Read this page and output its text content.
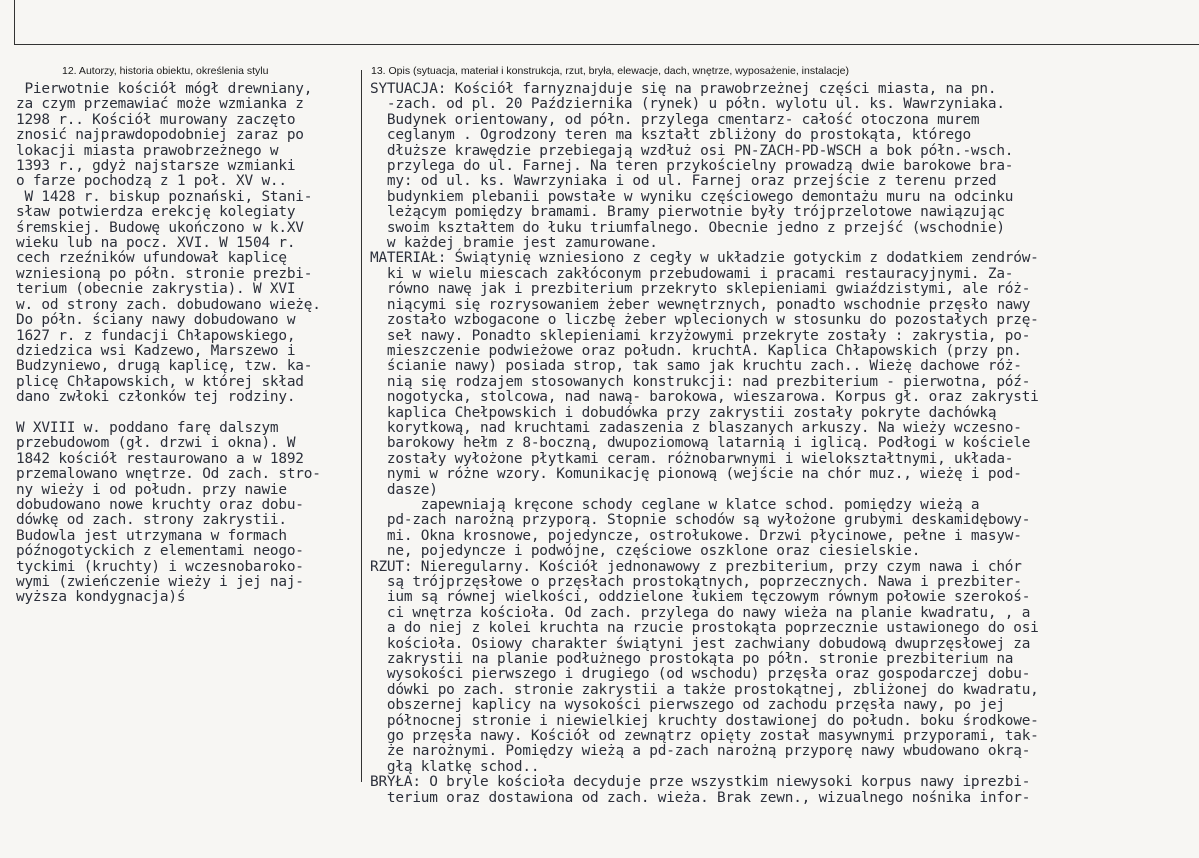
12. Autorzy, historia obiektu, określenia stylu	13. Opis (sytuacja, materiał i konstrukcja, rzut, bryła, elewacje, dach, wnętrze, wyposażenie, instalacje)
Pierwotnie kościół mógł drewniany,
za czym przemawiać może wzmianka z
1298 r.. Kościół murowany zaczęto
znosić najprawdopodobniej zaraz po
lokacji miasta prawobrzeżnego w
1393 r., gdyż najstarsze wzmianki
o farze pochodzą z 1 poł. XV w..
W 1428 r. biskup poznański, Stani-
sław potwierdza erekcję kolegiaty
śremskiej. Budowę ukończono w k.XV
wieku lub na pocz. XVI. W 1504 r.
cech rzeźników ufundował kaplicę
wzniesioną po półn. stronie prezbi-
terium (obecnie zakrystia). W XVI
w. od strony zach. dobudowano wieżę.
Do półn. ściany nawy dobudowano w
1627 r. z fundacji Chłapowskiego,
dziedzica wsi Kadzewo, Marszewo i
Budzyniewo, drugą kaplicę, tzw. ka-
plicę Chłapowskich, w której skład
dano zwłoki członków tej rodziny.

W XVIII w. poddano farę dalszym
przebudowom (gł. drzwi i okna). W
1842 kościół restaurowano a w 1892
przemalowano wnętrze. Od zach. stro-
ny wieży i od połudn. przy nawie
dobudowano nowe kruchty oraz dobu-
dówkę od zach. strony zakrystii.
Budowla jest utrzymana w formach
późnogotyckich z elementami neogo-
tyckimi (kruchty) i wczesnobaroko-
wymi (zwieńczenie wieży i jej naj-
wyższa kondygnacja)ś
SYTUACJA: Kościół farnyznajduje się na prawobrzeżnej części miasta, na pn.
-zach. od pl. 20 Października (rynek) u półn. wylotu ul. ks. Wawrzyniaka.
Budynek orientowany, od półn. przylega cmentarz- całość otoczona murem
ceglanym . Ogrodzony teren ma kształt zbliżony do prostokąta, którego
dłuższe krawędzie przebiegają wzdłuż osi PN-ZACH-PD-WSCH a bok półn.-wsch.
przylega do ul. Farnej. Na teren przykościelny prowadzą dwie barokowe bra-
my: od ul. ks. Wawrzyniaka i od ul. Farnej oraz przejście z terenu przed
budynkiem plebanii powstałe w wyniku częściowego demontażu muru na odcinku
leżącym pomiędzy bramami. Bramy pierwotnie były trójprzelotowe nawiązując
swoim kształtem do łuku triumfalnego. Obecnie jedno z przejść (wschodnie)
w każdej bramie jest zamurowane.
MATERIAŁ: Świątynię wzniesiono z cegły w układzie gotyckim z dodatkiem zendrów-
ki w wielu miescach zakłóconym przebudowami i pracami restauracyjnymi. Za-
równo nawę jak i prezbiterium przekryto sklepieniami gwiaździstymi, ale róż-
niącymi się rozrysowaniem żeber wewnętrznych, ponadto wschodnie przęsło nawy
zostało wzbogacone o liczbę żeber wplecionych w stosunku do pozostałych przę-
seł nawy. Ponadto sklepieniami krzyżowymi przekryte zostały : zakrystia, po-
mieszczenie podwieżowe oraz połudn. kruchtA. Kaplica Chłapowskich (przy pn.
ścianie nawy) posiada strop, tak samo jak kruchtu zach.. Wieżę dachowe róż-
nią się rodzajem stosowanych konstrukcji: nad prezbiterium - pierwotna, póź-
nogotycka, stolcowa, nad nawą- barokowa, wieszarowa. Korpus gł. oraz zakrysti
kaplica Chełpowskich i dobudówka przy zakrystii zostały pokryte dachówką
korytkową, nad kruchtami zadaszenia z blaszanych arkuszy. Na wieży wczesno-
barokowy hełm z 8-boczną, dwupoziomową latarnią i iglicą. Podłogi w kościele
zostały wyłożone płytkami ceram. różnobarwnymi i wielokształtnymi, układa-
nymi w różne wzory. Komunikację pionową (wejście na chór muz., wieżę i pod-
dasze)
zapewniają kręcone schody ceglane w klatce schod. pomiędzy wieżą a
pd-zach narożną przyporą. Stopnie schodów są wyłożone grubymi deskamidębowy-
mi. Okna krosnowe, pojedyncze, ostrołukowe. Drzwi płycinowe, pełne i masyw-
ne, pojedyncze i podwójne, częściowe oszklone oraz ciesielskie.
RZUT: Nieregularny. Kościół jednonawowy z prezbiterium, przy czym nawa i chór
są trójprzęsłowe o przęsłach prostokątnych, poprzecznych. Nawa i prezbiter-
ium są równej wielkości, oddzielone łukiem tęczowym równym połowie szerokoś-
ci wnętrza kościoła. Od zach. przylega do nawy wieża na planie kwadratu, , a
a do niej z kolei kruchta na rzucie prostokąta poprzecznie ustawionego do osi
kościoła. Osiowy charakter świątyni jest zachwiany dobudową dwuprzęsłowej za
zakrystii na planie podłużnego prostokąta po półn. stronie prezbiterium na
wysokości pierwszego i drugiego (od wschodu) przęsła oraz gospodarczej dobu-
dówki po zach. stronie zakrystii a także prostokątnej, zbliżonej do kwadratu,
obszernej kaplicy na wysokości pierwszego od zachodu przęsła nawy, po jej
północnej stronie i niewielkiej kruchty dostawionej do połudn. boku środkowe-
go przęsła nawy. Kościół od zewnątrz opięty został masywnymi przyporami, tak-
że narożnymi. Pomiędzy wieżą a pd-zach narożną przyporę nawy wbudowano okrą-
głą klatkę schod..
BRYŁA: O bryle kościoła decyduje prze wszystkim niewysoki korpus nawy iprezbi-
terium oraz dostawiona od zach. wieża. Brak zewn., wizualnego nośnika infor-
